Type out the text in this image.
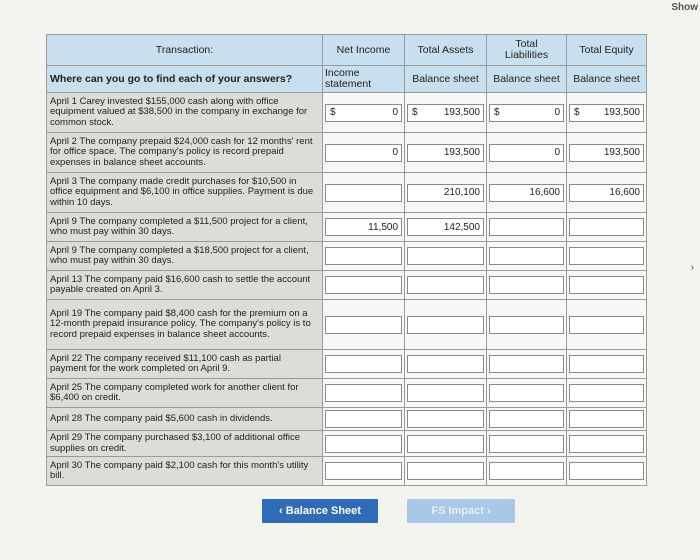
Show
›
Transaction:	Net Income	Total Assets	Total
Liabilities	Total Equity
Where can you go to find each of your answers?	Income
statement	Balance sheet	Balance sheet	Balance sheet
April 1 Carey invested $155,000 cash along with office equipment valued at $38,500 in the company in exchange for common stock.	$ 0	$ 193,500	$ 0	$ 193,500

April 2 The company prepaid $24,000 cash for 12 months' rent for office space. The company's policy is record prepaid expenses in balance sheet accounts.	0	193,500	0	193,500

April 3 The company made credit purchases for $10,500 in office equipment and $6,100 in office supplies. Payment is due within 10 days.		210,100	16,600	16,600

April 9 The company completed a $11,500 project for a client, who must pay within 30 days.	11,500	142,500		

April 9 The company completed a $18,500 project for a client, who must pay within 30 days.	

April 13 The company paid $16,600 cash to settle the account payable created on April 3.	

April 19 The company paid $8,400 cash for the premium on a 12-month prepaid insurance policy. The company's policy is to record prepaid expenses in balance sheet accounts.	

April 22 The company received $11,100 cash as partial payment for the work completed on April 9.	

April 25 The company completed work for another client for $6,400 on credit.	

April 28 The company paid $5,600 cash in dividends.	

April 29 The company purchased $3,100 of additional office supplies on credit.	

April 30 The company paid $2,100 cash for this month's utility bill.	

‹ Balance Sheet	FS Impact ›
